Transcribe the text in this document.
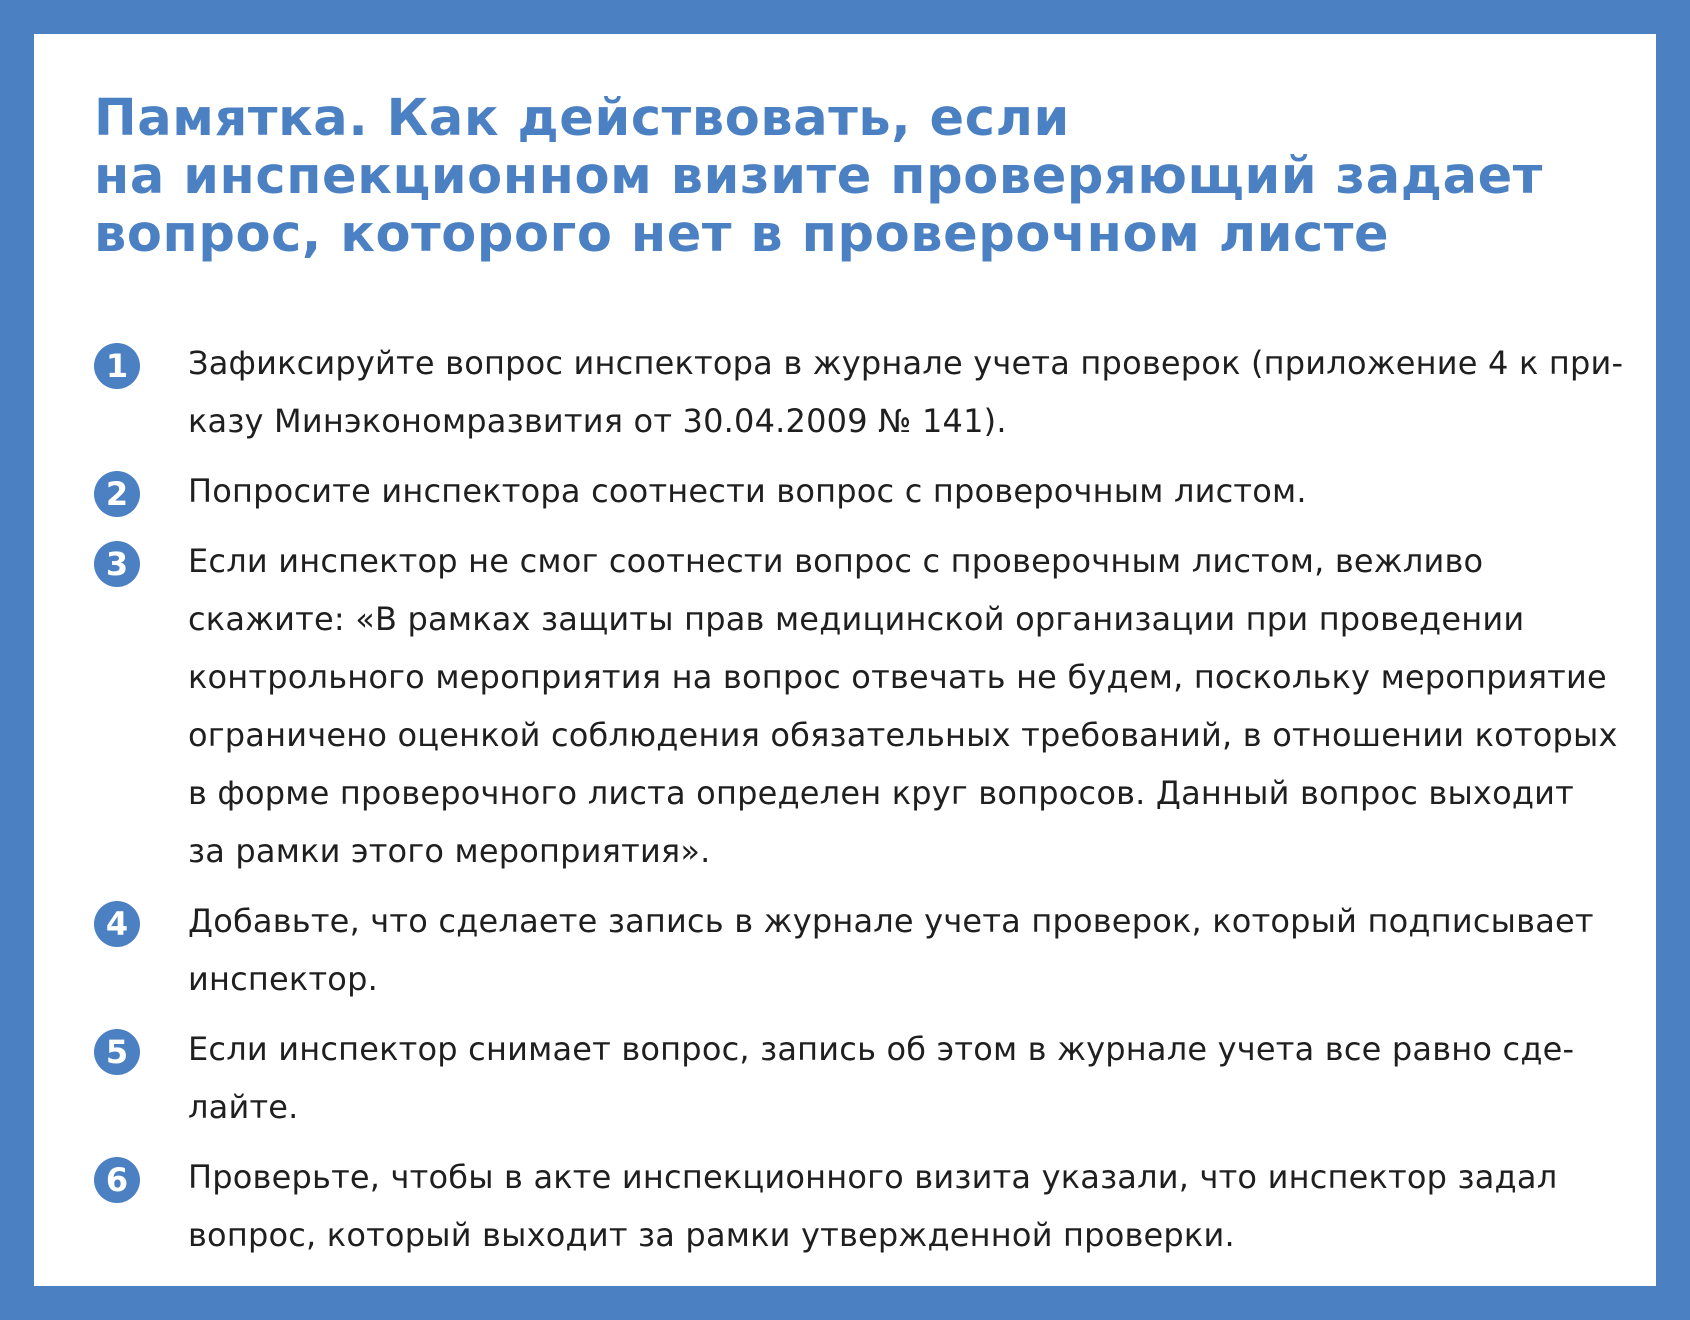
Памятка. Как действовать, если
на инспекционном визите проверяющий задает
вопрос, которого нет в проверочном листе
1	Зафиксируйте вопрос инспектора в журнале учета проверок (приложение 4 к при-
казу Минэкономразвития от 30.04.2009 № 141).

2	Попросите инспектора соотнести вопрос с проверочным листом.

3	Если инспектор не смог соотнести вопрос с проверочным листом, вежливо
скажите: «В рамках защиты прав медицинской организации при проведении
контрольного мероприятия на вопрос отвечать не будем, поскольку мероприятие
ограничено оценкой соблюдения обязательных требований, в отношении которых
в форме проверочного листа определен круг вопросов. Данный вопрос выходит
за рамки этого мероприятия».

4	Добавьте, что сделаете запись в журнале учета проверок, который подписывает
инспектор.

5	Если инспектор снимает вопрос, запись об этом в журнале учета все равно сде-
лайте.

6	Проверьте, чтобы в акте инспекционного визита указали, что инспектор задал
вопрос, который выходит за рамки утвержденной проверки.
